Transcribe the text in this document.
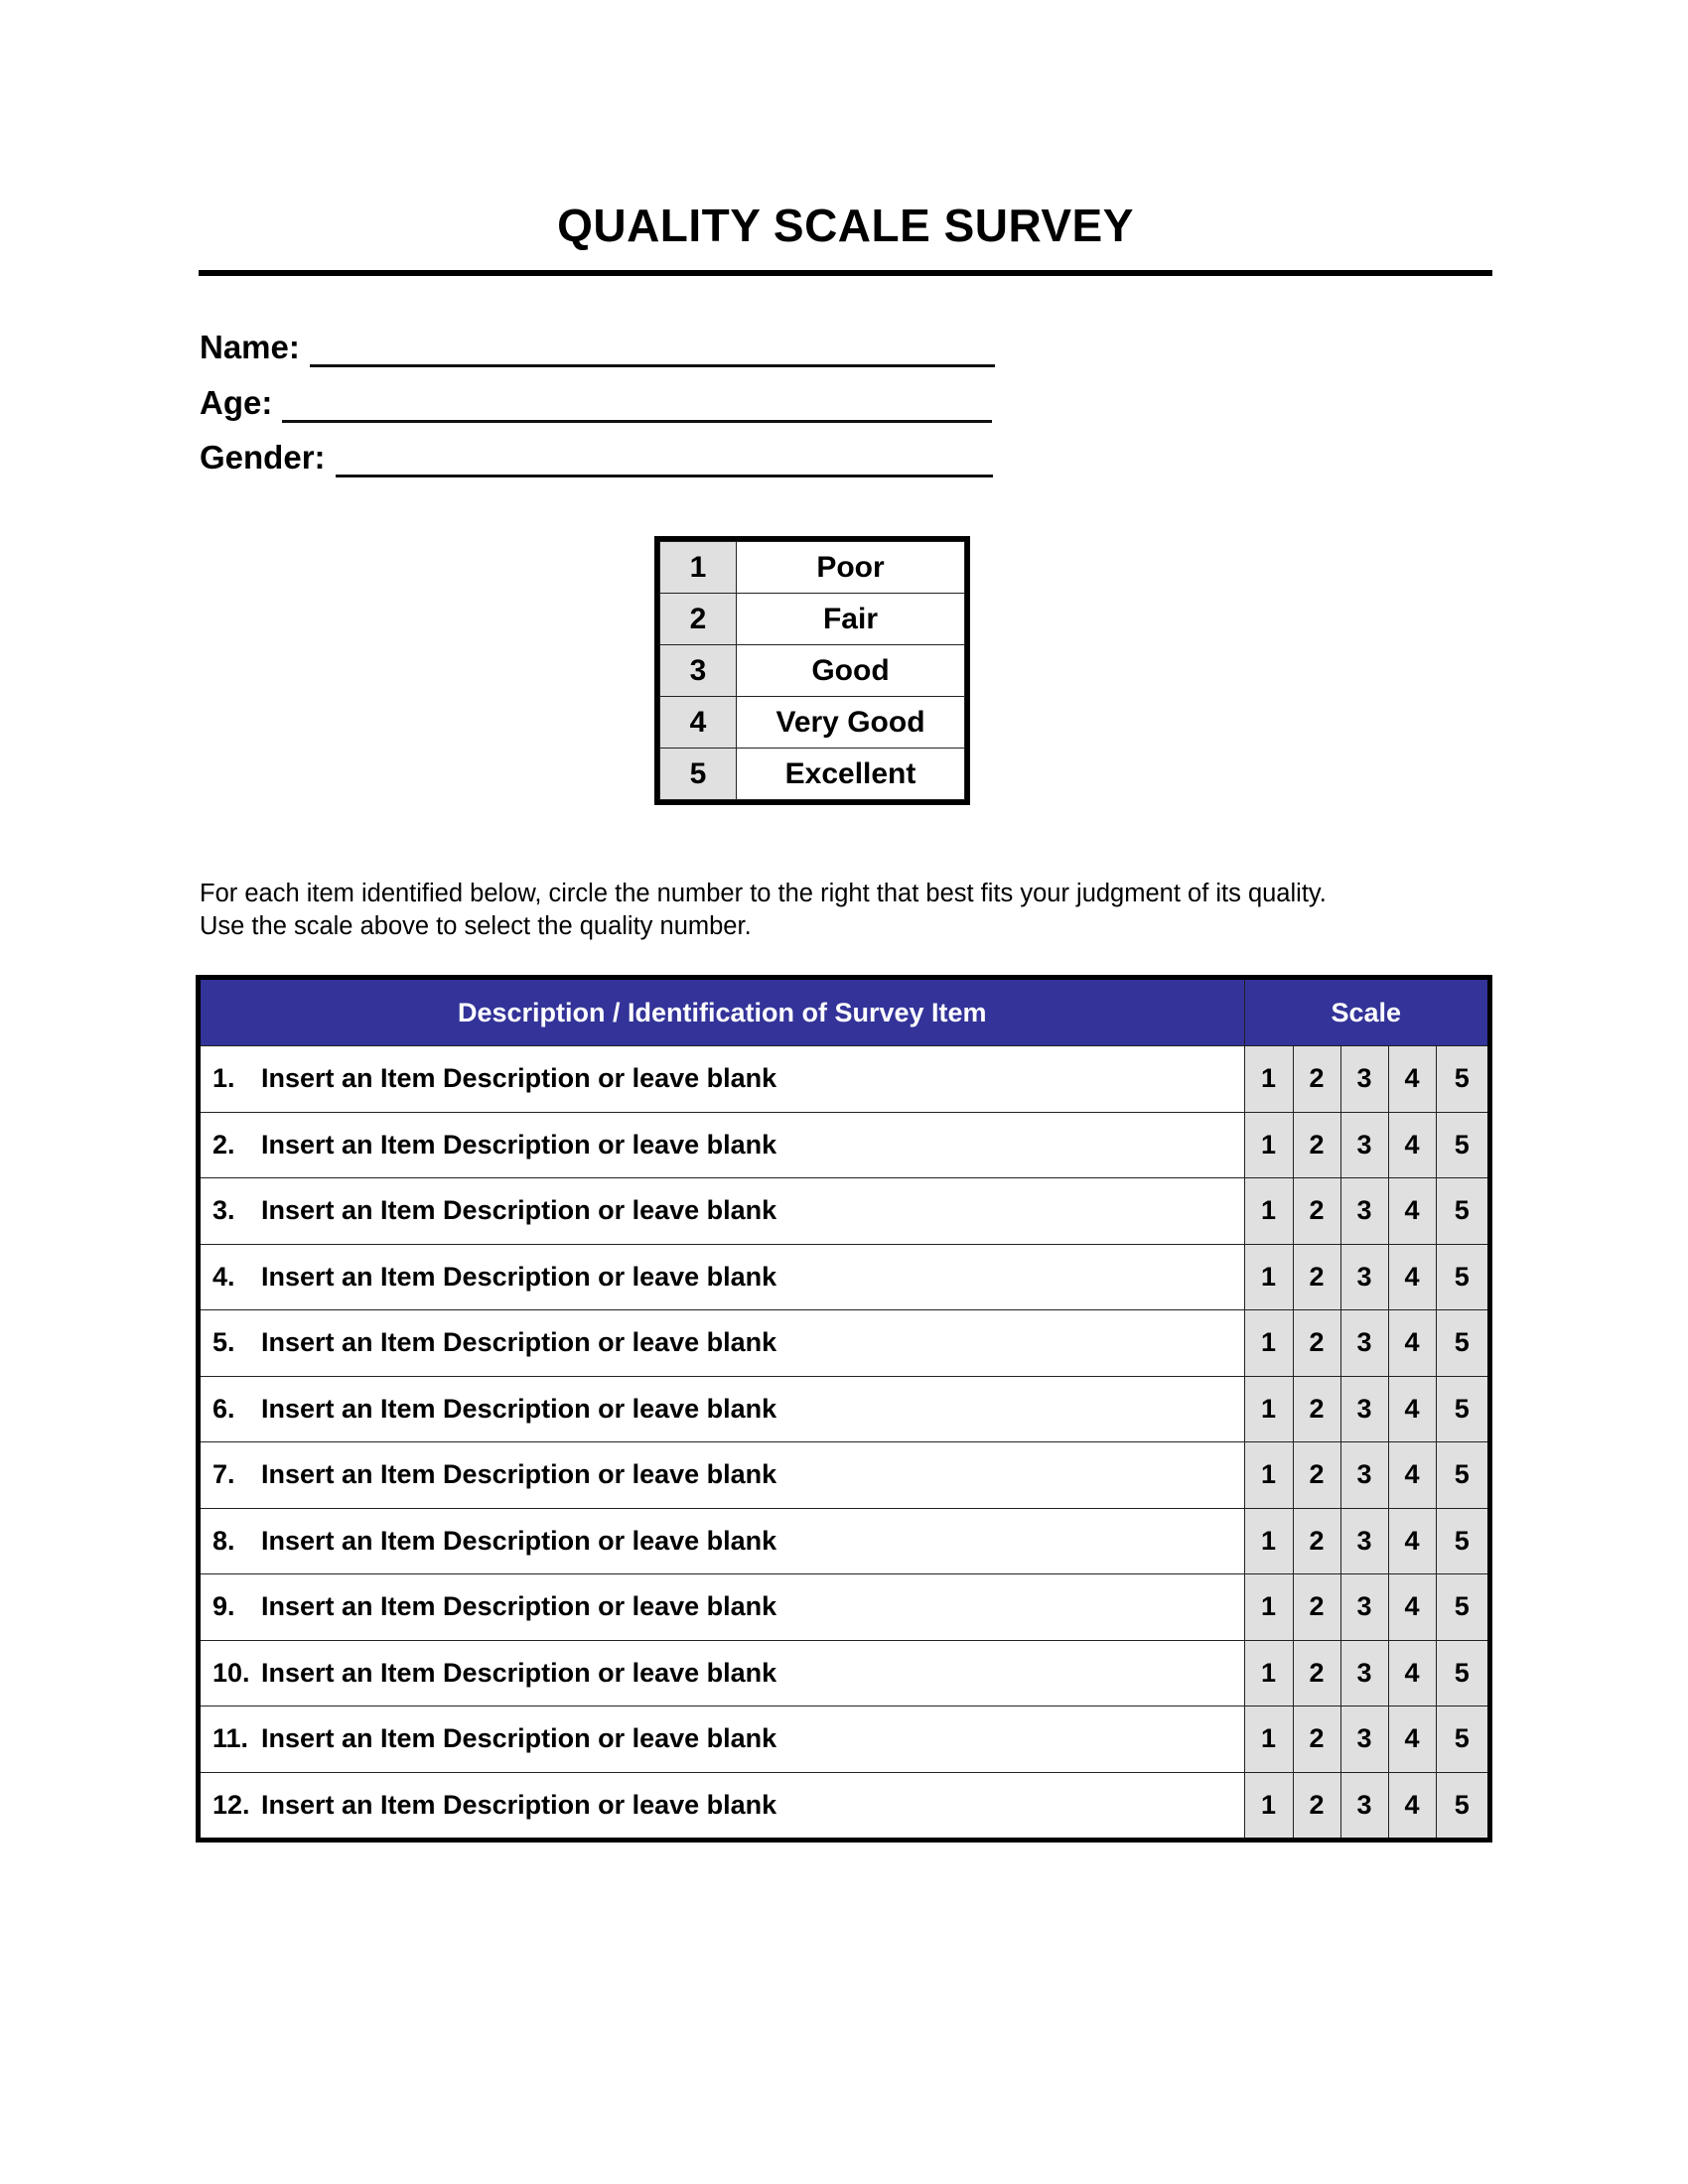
QUALITY SCALE SURVEY
Name:
Age:
Gender:
1	Poor
2	Fair
3	Good
4	Very Good
5	Excellent
For each item identified below, circle the number to the right that best fits your judgment of its quality.
Use the scale above to select the quality number.
Description / Identification of Survey Item	Scale				
1. Insert an Item Description or leave blank	1	2	3	4	5
2. Insert an Item Description or leave blank	1	2	3	4	5
3. Insert an Item Description or leave blank	1	2	3	4	5
4. Insert an Item Description or leave blank	1	2	3	4	5
5. Insert an Item Description or leave blank	1	2	3	4	5
6. Insert an Item Description or leave blank	1	2	3	4	5
7. Insert an Item Description or leave blank	1	2	3	4	5
8. Insert an Item Description or leave blank	1	2	3	4	5
9. Insert an Item Description or leave blank	1	2	3	4	5
10. Insert an Item Description or leave blank	1	2	3	4	5
11. Insert an Item Description or leave blank	1	2	3	4	5
12. Insert an Item Description or leave blank	1	2	3	4	5
